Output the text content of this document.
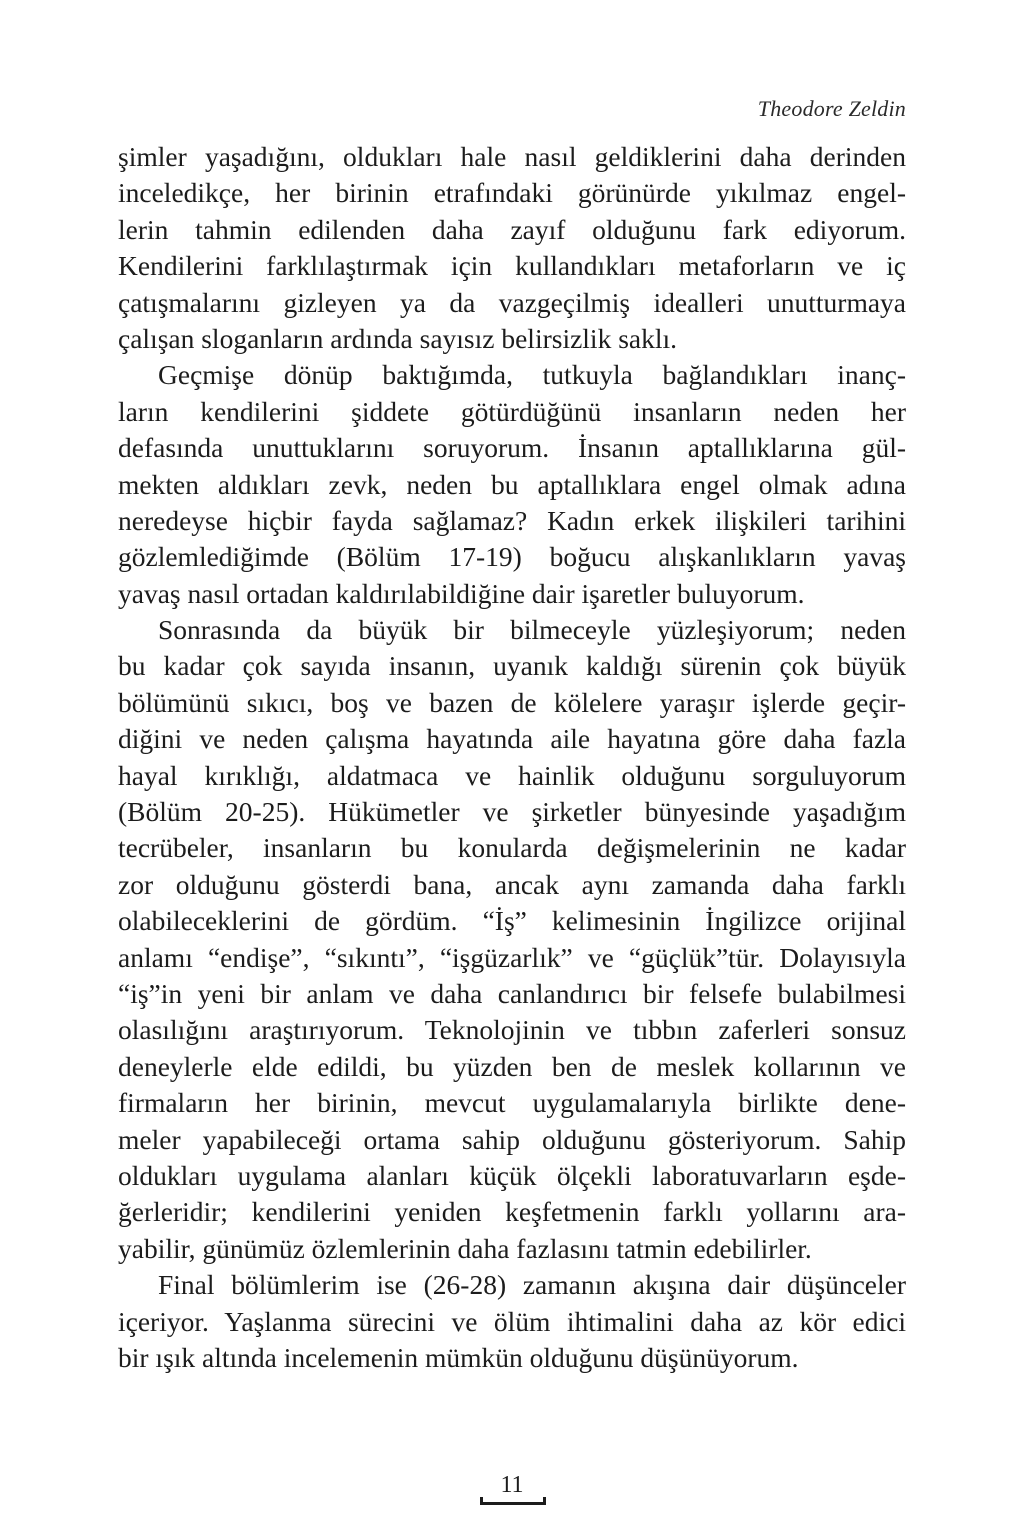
Theodore Zeldin
şimler yaşadığını, oldukları hale nasıl geldiklerini daha derinden
inceledikçe, her birinin etrafındaki görünürde yıkılmaz engel-
lerin tahmin edilenden daha zayıf olduğunu fark ediyorum.
Kendilerini farklılaştırmak için kullandıkları metaforların ve iç
çatışmalarını gizleyen ya da vazgeçilmiş idealleri unutturmaya
çalışan sloganların ardında sayısız belirsizlik saklı.
Geçmişe dönüp baktığımda, tutkuyla bağlandıkları inanç-
ların kendilerini şiddete götürdüğünü insanların neden her
defasında unuttuklarını soruyorum. İnsanın aptallıklarına gül-
mekten aldıkları zevk, neden bu aptallıklara engel olmak adına
neredeyse hiçbir fayda sağlamaz? Kadın erkek ilişkileri tarihini
gözlemlediğimde (Bölüm 17-19) boğucu alışkanlıkların yavaş
yavaş nasıl ortadan kaldırılabildiğine dair işaretler buluyorum.
Sonrasında da büyük bir bilmeceyle yüzleşiyorum; neden
bu kadar çok sayıda insanın, uyanık kaldığı sürenin çok büyük
bölümünü sıkıcı, boş ve bazen de kölelere yaraşır işlerde geçir-
diğini ve neden çalışma hayatında aile hayatına göre daha fazla
hayal kırıklığı, aldatmaca ve hainlik olduğunu sorguluyorum
(Bölüm 20-25). Hükümetler ve şirketler bünyesinde yaşadığım
tecrübeler, insanların bu konularda değişmelerinin ne kadar
zor olduğunu gösterdi bana, ancak aynı zamanda daha farklı
olabileceklerini de gördüm. “İş” kelimesinin İngilizce orijinal
anlamı “endişe”, “sıkıntı”, “işgüzarlık” ve “güçlük”tür. Dolayısıyla
“iş”in yeni bir anlam ve daha canlandırıcı bir felsefe bulabilmesi
olasılığını araştırıyorum. Teknolojinin ve tıbbın zaferleri sonsuz
deneylerle elde edildi, bu yüzden ben de meslek kollarının ve
firmaların her birinin, mevcut uygulamalarıyla birlikte dene-
meler yapabileceği ortama sahip olduğunu gösteriyorum. Sahip
oldukları uygulama alanları küçük ölçekli laboratuvarların eşde-
ğerleridir; kendilerini yeniden keşfetmenin farklı yollarını ara-
yabilir, günümüz özlemlerinin daha fazlasını tatmin edebilirler.
Final bölümlerim ise (26-28) zamanın akışına dair düşünceler
içeriyor. Yaşlanma sürecini ve ölüm ihtimalini daha az kör edici
bir ışık altında incelemenin mümkün olduğunu düşünüyorum.
11
